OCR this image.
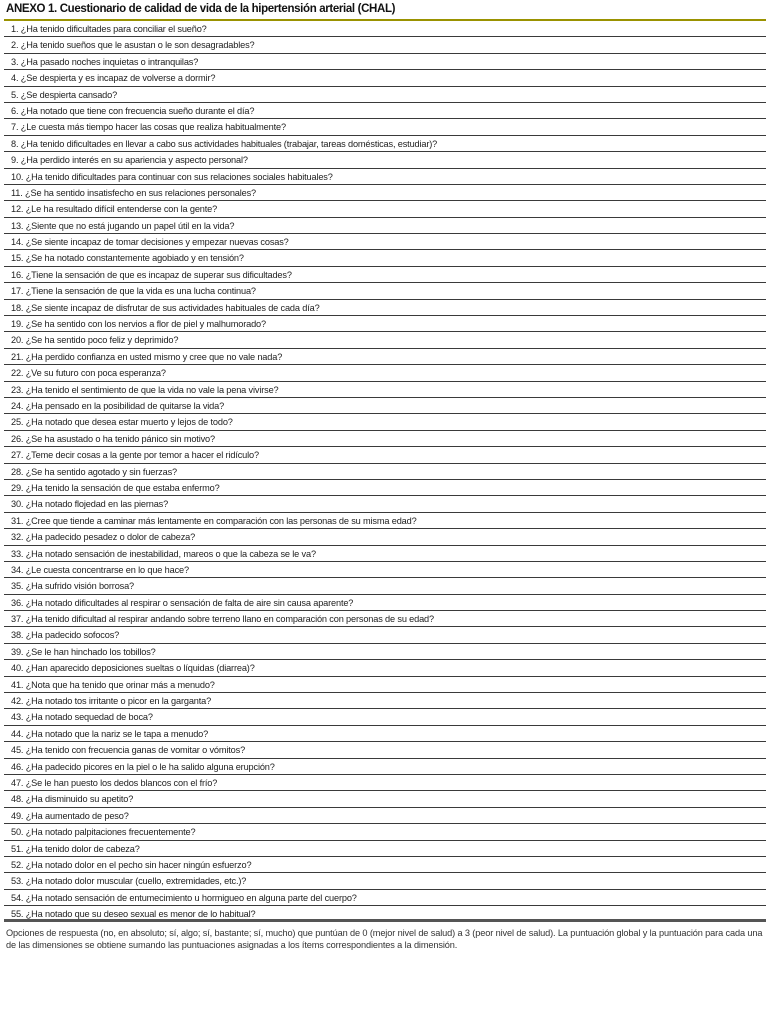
ANEXO 1. Cuestionario de calidad de vida de la hipertensión arterial (CHAL)
1. ¿Ha tenido dificultades para conciliar el sueño?
2. ¿Ha tenido sueños que le asustan o le son desagradables?
3. ¿Ha pasado noches inquietas o intranquilas?
4. ¿Se despierta y es incapaz de volverse a dormir?
5. ¿Se despierta cansado?
6. ¿Ha notado que tiene con frecuencia sueño durante el día?
7. ¿Le cuesta más tiempo hacer las cosas que realiza habitualmente?
8. ¿Ha tenido dificultades en llevar a cabo sus actividades habituales (trabajar, tareas domésticas, estudiar)?
9. ¿Ha perdido interés en su apariencia y aspecto personal?
10. ¿Ha tenido dificultades para continuar con sus relaciones sociales habituales?
11. ¿Se ha sentido insatisfecho en sus relaciones personales?
12. ¿Le ha resultado difícil entenderse con la gente?
13. ¿Siente que no está jugando un papel útil en la vida?
14. ¿Se siente incapaz de tomar decisiones y empezar nuevas cosas?
15. ¿Se ha notado constantemente agobiado y en tensión?
16. ¿Tiene la sensación de que es incapaz de superar sus dificultades?
17. ¿Tiene la sensación de que la vida es una lucha continua?
18. ¿Se siente incapaz de disfrutar de sus actividades habituales de cada día?
19. ¿Se ha sentido con los nervios a flor de piel y malhumorado?
20. ¿Se ha sentido poco feliz y deprimido?
21. ¿Ha perdido confianza en usted mismo y cree que no vale nada?
22. ¿Ve su futuro con poca esperanza?
23. ¿Ha tenido el sentimiento de que la vida no vale la pena vivirse?
24. ¿Ha pensado en la posibilidad de quitarse la vida?
25. ¿Ha notado que desea estar muerto y lejos de todo?
26. ¿Se ha asustado o ha tenido pánico sin motivo?
27. ¿Teme decir cosas a la gente por temor a hacer el ridículo?
28. ¿Se ha sentido agotado y sin fuerzas?
29. ¿Ha tenido la sensación de que estaba enfermo?
30. ¿Ha notado flojedad en las piernas?
31. ¿Cree que tiende a caminar más lentamente en comparación con las personas de su misma edad?
32. ¿Ha padecido pesadez o dolor de cabeza?
33. ¿Ha notado sensación de inestabilidad, mareos o que la cabeza se le va?
34. ¿Le cuesta concentrarse en lo que hace?
35. ¿Ha sufrido visión borrosa?
36. ¿Ha notado dificultades al respirar o sensación de falta de aire sin causa aparente?
37. ¿Ha tenido dificultad al respirar andando sobre terreno llano en comparación con personas de su edad?
38. ¿Ha padecido sofocos?
39. ¿Se le han hinchado los tobillos?
40. ¿Han aparecido deposiciones sueltas o líquidas (diarrea)?
41. ¿Nota que ha tenido que orinar más a menudo?
42. ¿Ha notado tos irritante o picor en la garganta?
43. ¿Ha notado sequedad de boca?
44. ¿Ha notado que la nariz se le tapa a menudo?
45. ¿Ha tenido con frecuencia ganas de vomitar o vómitos?
46. ¿Ha padecido picores en la piel o le ha salido alguna erupción?
47. ¿Se le han puesto los dedos blancos con el frío?
48. ¿Ha disminuido su apetito?
49. ¿Ha aumentado de peso?
50. ¿Ha notado palpitaciones frecuentemente?
51. ¿Ha tenido dolor de cabeza?
52. ¿Ha notado dolor en el pecho sin hacer ningún esfuerzo?
53. ¿Ha notado dolor muscular (cuello, extremidades, etc.)?
54. ¿Ha notado sensación de entumecimiento u hormigueo en alguna parte del cuerpo?
55. ¿Ha notado que su deseo sexual es menor de lo habitual?
Opciones de respuesta (no, en absoluto; sí, algo; sí, bastante; sí, mucho) que puntúan de 0 (mejor nivel de salud) a 3 (peor nivel de salud). La puntuación global y la puntuación para cada una de las dimensiones se obtiene sumando las puntuaciones asignadas a los ítems correspondientes a la dimensión.
